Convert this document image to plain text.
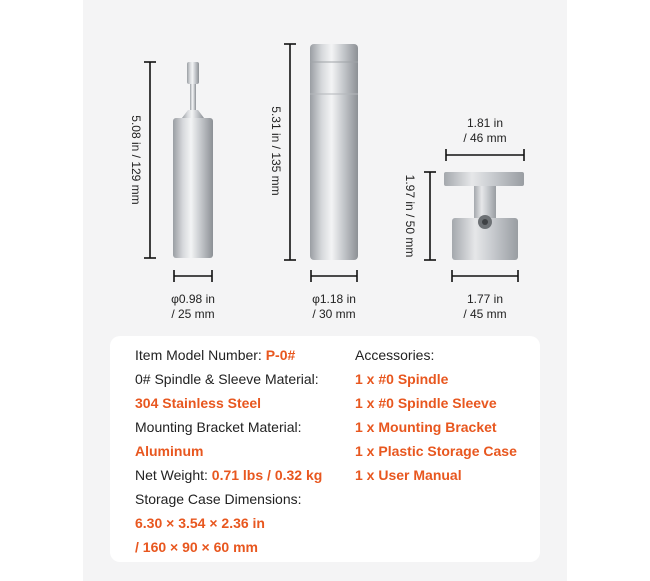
5.08 in / 129 mm	5.31 in / 135 mm
1.97 in / 50 mm
φ0.98 in
/ 25 mm
φ1.18 in
/ 30 mm
1.81 in
/ 46 mm
1.77 in
/ 45 mm
Item Model Number: P-0#
0# Spindle & Sleeve Material:
304 Stainless Steel
Mounting Bracket Material:
Aluminum
Net Weight: 0.71 lbs / 0.32 kg
Storage Case Dimensions:
6.30 × 3.54 × 2.36 in
/ 160 × 90 × 60 mm
Accessories:
1 x #0 Spindle
1 x #0 Spindle Sleeve
1 x Mounting Bracket
1 x Plastic Storage Case
1 x User Manual
